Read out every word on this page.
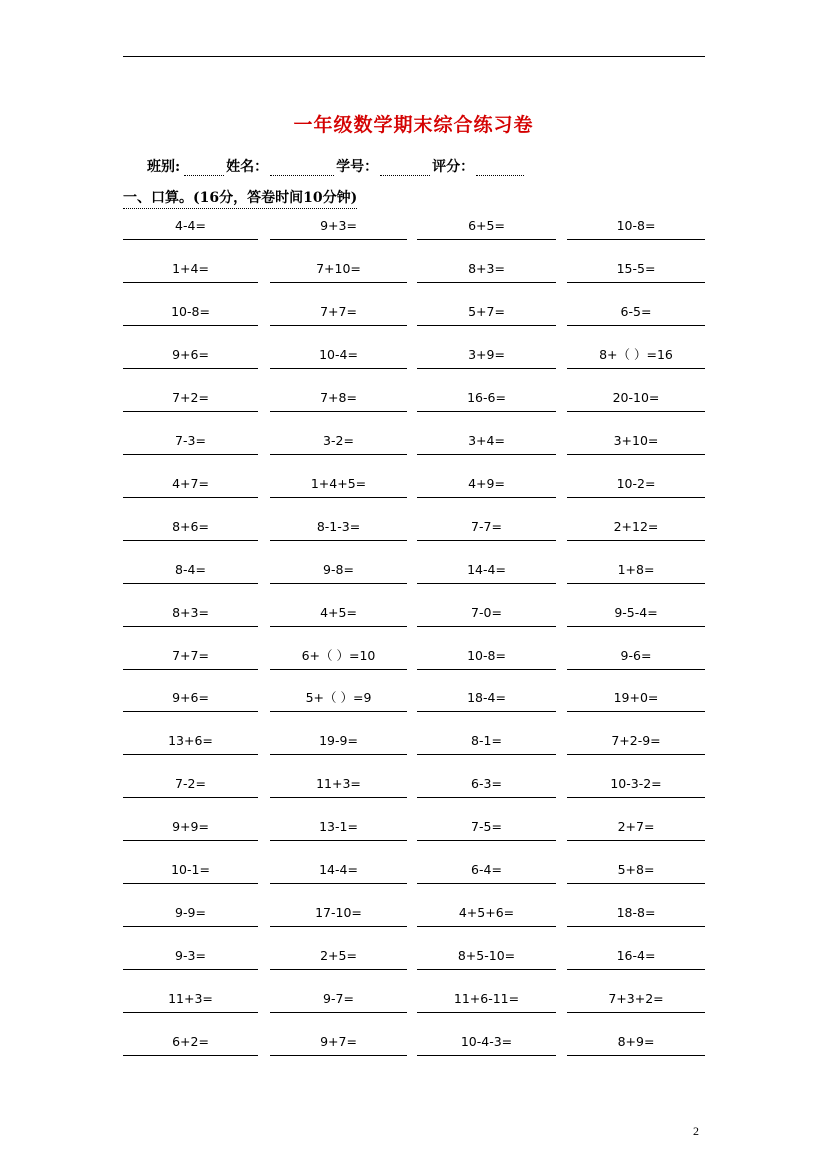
一年级数学期末综合练习卷
班别:	姓名：	学号：	评分：
一、口算。(16分，答卷时间10分钟)
4-4=	9+3=	6+5=	10-8=
1+4=	7+10=	8+3=	15-5=
10-8=	7+7=	5+7=	6-5=
9+6=	10-4=	3+9=	8+（ ）=16
7+2=	7+8=	16-6=	20-10=
7-3=	3-2=	3+4=	3+10=
4+7=	1+4+5=	4+9=	10-2=
8+6=	8-1-3=	7-7=	2+12=
8-4=	9-8=	14-4=	1+8=
8+3=	4+5=	7-0=	9-5-4=
7+7=	6+（ ）=10	10-8=	9-6=
9+6=	5+（ ）=9	18-4=	19+0=
13+6=	19-9=	8-1=	7+2-9=
7-2=	11+3=	6-3=	10-3-2=
9+9=	13-1=	7-5=	2+7=
10-1=	14-4=	6-4=	5+8=
9-9=	17-10=	4+5+6=	18-8=
9-3=	2+5=	8+5-10=	16-4=
11+3=	9-7=	11+6-11=	7+3+2=
6+2=	9+7=	10-4-3=	8+9=
2
